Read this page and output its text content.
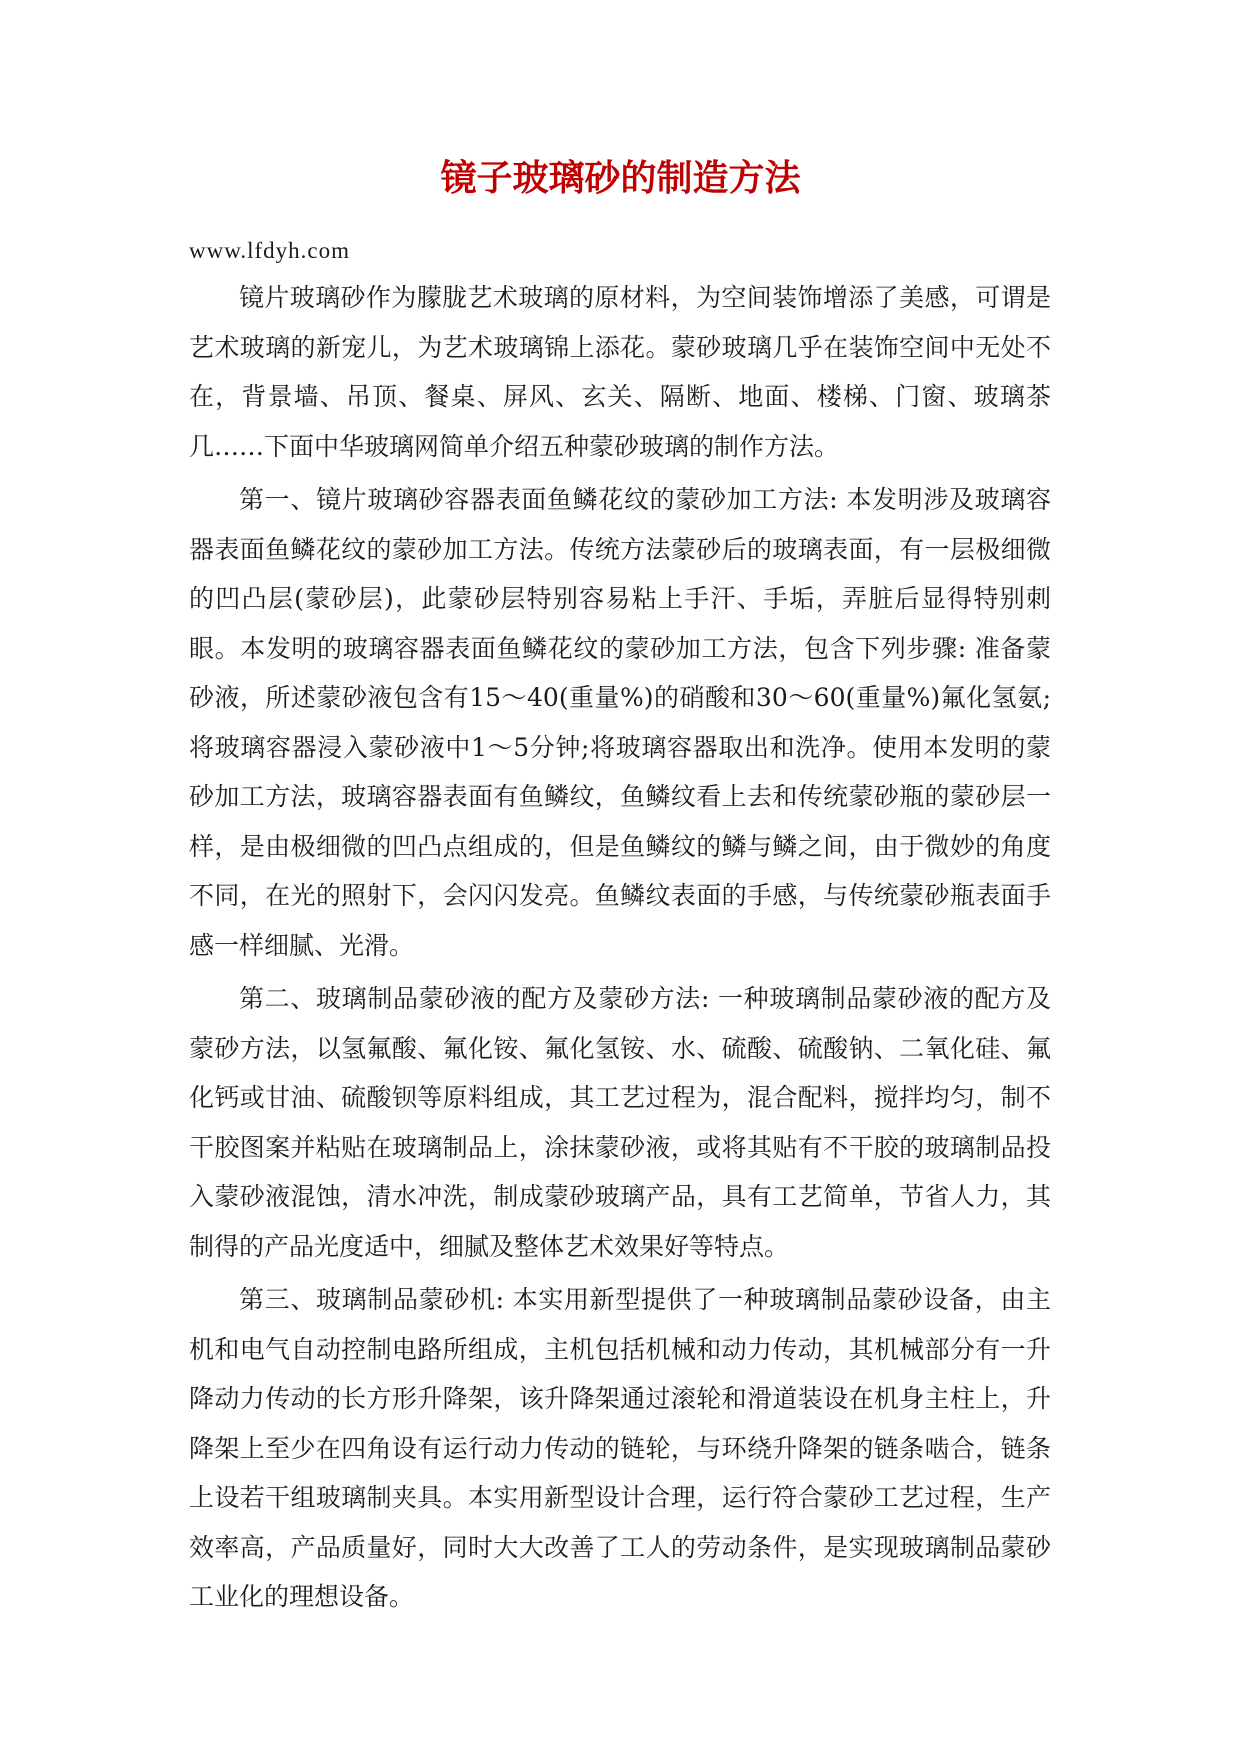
镜子玻璃砂的制造方法

www.lfdyh.com

镜片玻璃砂作为朦胧艺术玻璃的原材料，为空间装饰增添了美感，可谓是艺术玻璃的新宠儿，为艺术玻璃锦上添花。蒙砂玻璃几乎在装饰空间中无处不在，背景墙、吊顶、餐桌、屏风、玄关、隔断、地面、楼梯、门窗、玻璃茶几……下面中华玻璃网简单介绍五种蒙砂玻璃的制作方法。

第一、镜片玻璃砂容器表面鱼鳞花纹的蒙砂加工方法: 本发明涉及玻璃容器表面鱼鳞花纹的蒙砂加工方法。传统方法蒙砂后的玻璃表面，有一层极细微的凹凸层(蒙砂层)，此蒙砂层特别容易粘上手汗、手垢，弄脏后显得特别刺眼。本发明的玻璃容器表面鱼鳞花纹的蒙砂加工方法，包含下列步骤: 准备蒙砂液，所述蒙砂液包含有15～40(重量%)的硝酸和30～60(重量%)氟化氢氨;将玻璃容器浸入蒙砂液中1～5分钟;将玻璃容器取出和洗净。使用本发明的蒙砂加工方法，玻璃容器表面有鱼鳞纹，鱼鳞纹看上去和传统蒙砂瓶的蒙砂层一样，是由极细微的凹凸点组成的，但是鱼鳞纹的鳞与鳞之间，由于微妙的角度不同，在光的照射下，会闪闪发亮。鱼鳞纹表面的手感，与传统蒙砂瓶表面手感一样细腻、光滑。

第二、玻璃制品蒙砂液的配方及蒙砂方法: 一种玻璃制品蒙砂液的配方及蒙砂方法，以氢氟酸、氟化铵、氟化氢铵、水、硫酸、硫酸钠、二氧化硅、氟化钙或甘油、硫酸钡等原料组成，其工艺过程为，混合配料，搅拌均匀，制不干胶图案并粘贴在玻璃制品上，涂抹蒙砂液，或将其贴有不干胶的玻璃制品投入蒙砂液混蚀，清水冲洗，制成蒙砂玻璃产品，具有工艺简单，节省人力，其制得的产品光度适中，细腻及整体艺术效果好等特点。

第三、玻璃制品蒙砂机: 本实用新型提供了一种玻璃制品蒙砂设备，由主机和电气自动控制电路所组成，主机包括机械和动力传动，其机械部分有一升降动力传动的长方形升降架，该升降架通过滚轮和滑道装设在机身主柱上，升降架上至少在四角设有运行动力传动的链轮，与环绕升降架的链条啮合，链条上设若干组玻璃制夹具。本实用新型设计合理，运行符合蒙砂工艺过程，生产效率高，产品质量好，同时大大改善了工人的劳动条件，是实现玻璃制品蒙砂工业化的理想设备。
